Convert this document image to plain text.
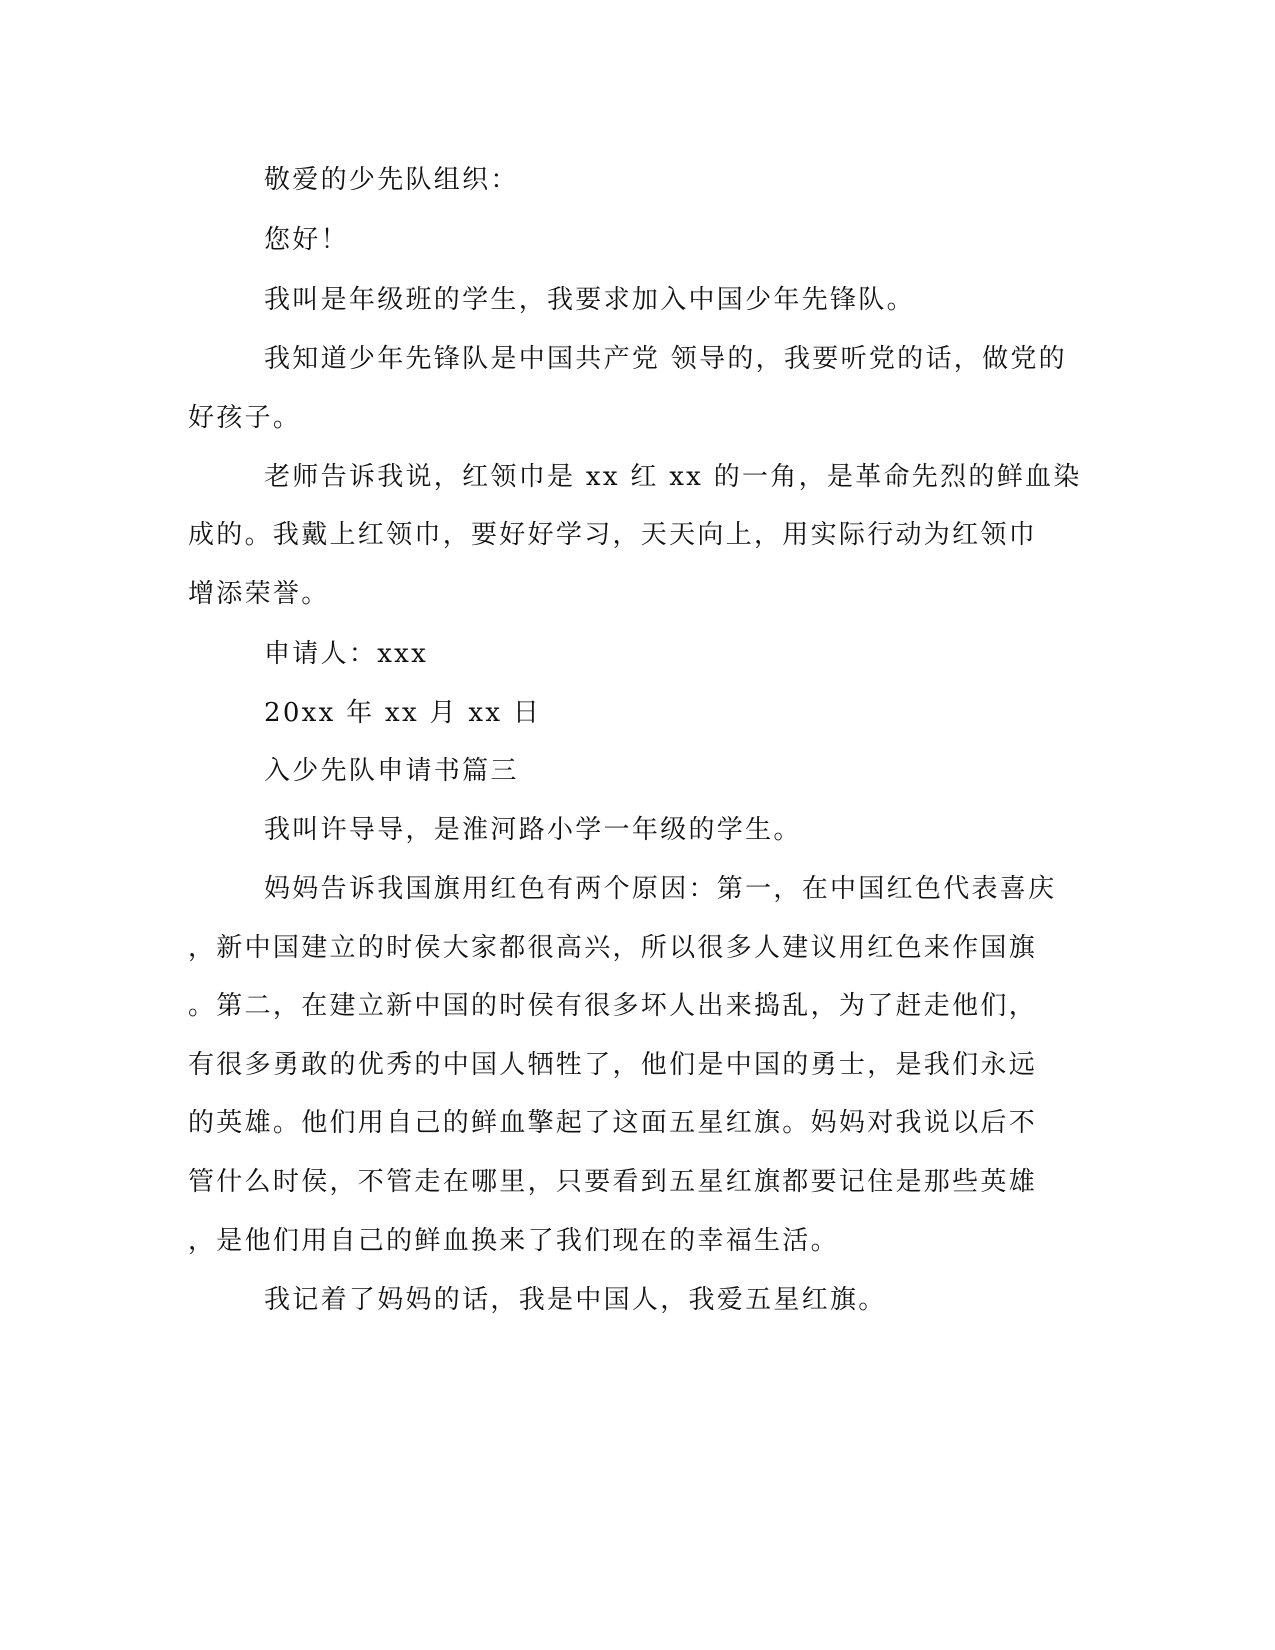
敬爱的少先队组织：
您好！
我叫是年级班的学生，我要求加入中国少年先锋队。
我知道少年先锋队是中国共产党 领导的，我要听党的话，做党的
好孩子。
老师告诉我说，红领巾是 xx 红 xx 的一角，是革命先烈的鲜血染
成的。我戴上红领巾，要好好学习，天天向上，用实际行动为红领巾
增添荣誉。
申请人：xxx
20xx 年 xx 月 xx 日
入少先队申请书篇三
我叫许导导，是淮河路小学一年级的学生。
妈妈告诉我国旗用红色有两个原因：第一，在中国红色代表喜庆
，新中国建立的时侯大家都很高兴，所以很多人建议用红色来作国旗
。第二，在建立新中国的时侯有很多坏人出来捣乱，为了赶走他们，
有很多勇敢的优秀的中国人牺牲了，他们是中国的勇士，是我们永远
的英雄。他们用自己的鲜血擎起了这面五星红旗。妈妈对我说以后不
管什么时侯，不管走在哪里，只要看到五星红旗都要记住是那些英雄
，是他们用自己的鲜血换来了我们现在的幸福生活。
我记着了妈妈的话，我是中国人，我爱五星红旗。
